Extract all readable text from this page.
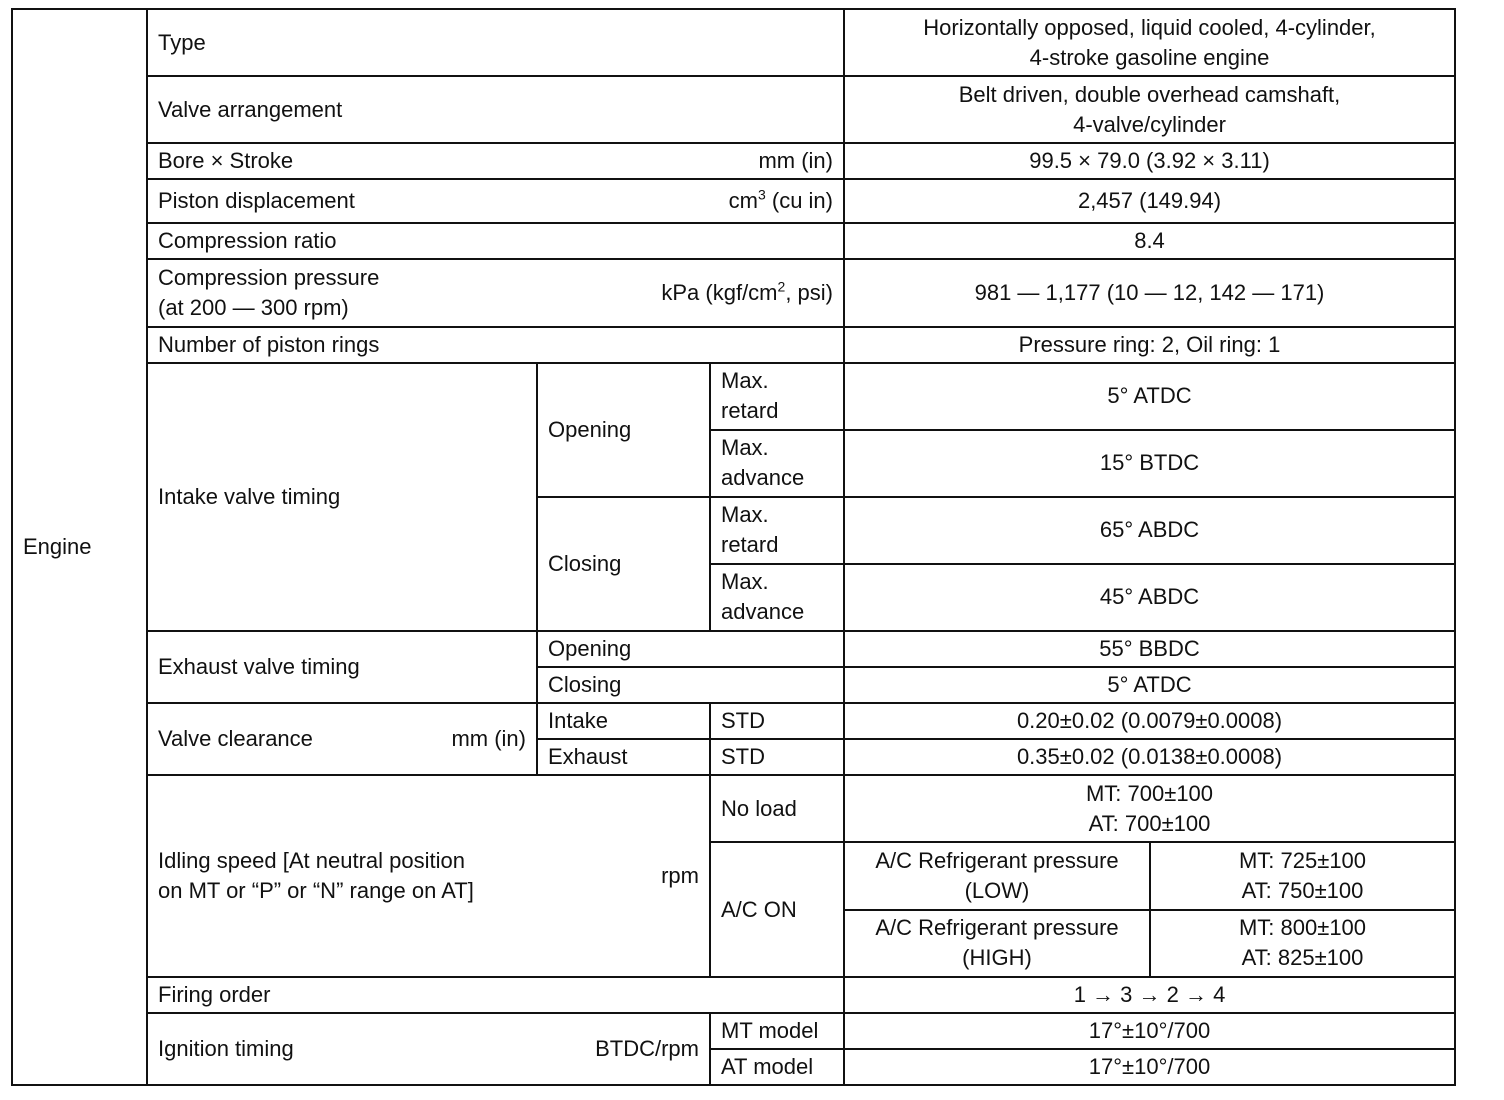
Engine	Type			Horizontally opposed, liquid cooled, 4-cylinder,
4-stroke gasoline engine	

	Valve arrangement			Belt driven, double overhead camshaft,
4-valve/cylinder	

	Bore × Stroke mm (in)			99.5 × 79.0 (3.92 × 3.11)	

	Piston displacement $cm^3$ (cu in)			2,457 (149.94)	
	Compression ratio			8.4	

	Compression pressure
(at 200 — 300 rpm)
kPa ($kgf/cm^2$, psi)			981 — 1,177 (10 — 12, 142 — 171)	
	Number of piston rings			Pressure ring: 2, Oil ring: 1	
	Intake valve timing	Opening	Max.
retard	5° ATDC	

			Max.
advance	15° BTDC	
		Closing	Max.
retard	65° ABDC	

			Max.
advance	45° ABDC	
	Exhaust valve timing	Opening		55° BBDC	
		Closing		5° ATDC	

	Valve clearance mm (in)	Intake	STD	0.20±0.02 (0.0079±0.0008)	
		Exhaust	STD	0.35±0.02 (0.0138±0.0008)	

	Idling speed [At neutral position
on MT or “P” or “N” range on AT]
rpm		No load	MT: 700±100
AT: 700±100	

			A/C ON	A/C Refrigerant pressure
(LOW)	MT: 725±100
AT: 750±100

				A/C Refrigerant pressure
(HIGH)	MT: 800±100
AT: 825±100

	Firing order			1 → 3 → 2 → 4	

	Ignition timing BTDC/rpm		MT model	17°±10°/700	
			AT model	17°±10°/700	
